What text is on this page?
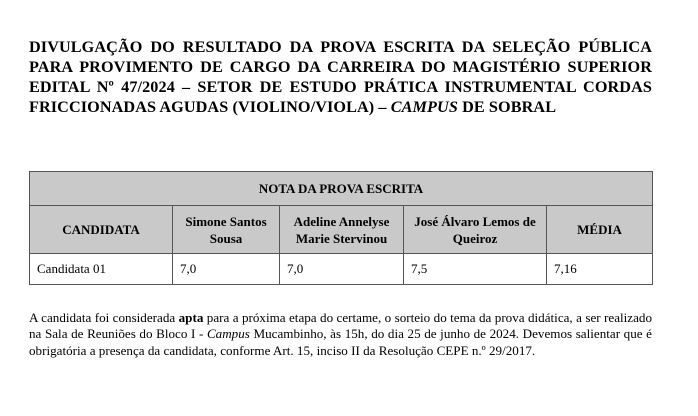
DIVULGAÇÃO DO RESULTADO DA PROVA ESCRITA DA SELEÇÃO PÚBLICA PARA PROVIMENTO DE CARGO DA CARREIRA DO MAGISTÉRIO SUPERIOR EDITAL Nº 47/2024 – SETOR DE ESTUDO PRÁTICA INSTRUMENTAL CORDAS FRICCIONADAS AGUDAS (VIOLINO/VIOLA) – CAMPUS DE SOBRAL
NOTA DA PROVA ESCRITA				
CANDIDATA	Simone Santos Sousa	Adeline Annelyse Marie Stervinou	José Álvaro Lemos de Queiroz	MÉDIA
Candidata 01	7,0	7,0	7,5	7,16
A candidata foi considerada apta para a próxima etapa do certame, o sorteio do tema da prova didática, a ser realizado na Sala de Reuniões do Bloco I - Campus Mucambinho, às 15h, do dia 25 de junho de 2024. Devemos salientar que é obrigatória a presença da candidata, conforme Art. 15, inciso II da Resolução CEPE n.º 29/2017.
